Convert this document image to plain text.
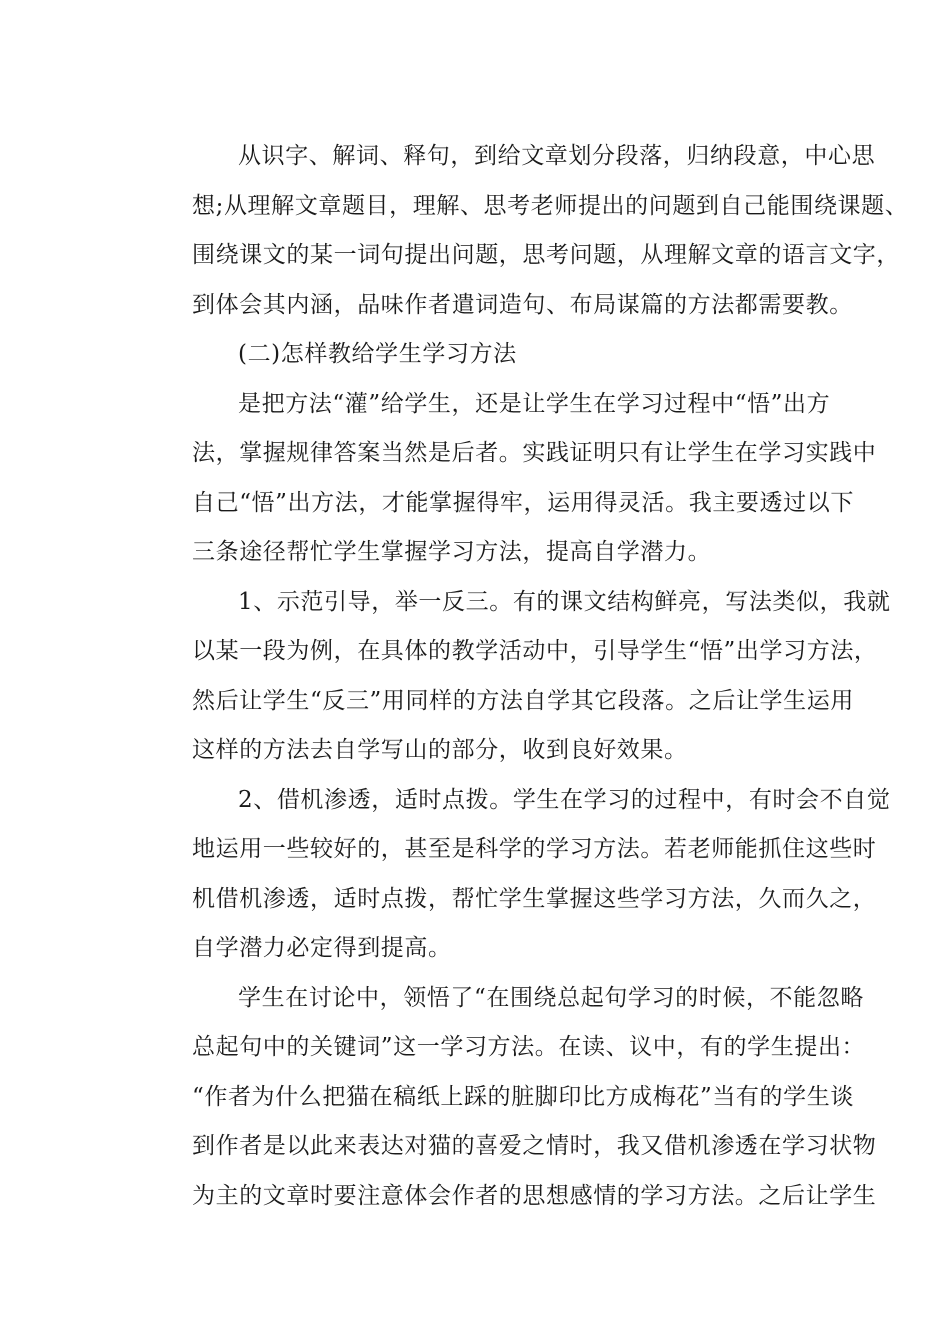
从识字、解词、释句，到给文章划分段落，归纳段意，中心思
想;从理解文章题目，理解、思考老师提出的问题到自己能围绕课题、
围绕课文的某一词句提出问题，思考问题，从理解文章的语言文字，
到体会其内涵，品味作者遣词造句、布局谋篇的方法都需要教。
(二)怎样教给学生学习方法
是把方法“灌”给学生，还是让学生在学习过程中“悟”出方
法，掌握规律答案当然是后者。实践证明只有让学生在学习实践中
自己“悟”出方法，才能掌握得牢，运用得灵活。我主要透过以下
三条途径帮忙学生掌握学习方法，提高自学潜力。
1、示范引导，举一反三。有的课文结构鲜亮，写法类似，我就
以某一段为例，在具体的教学活动中，引导学生“悟”出学习方法，
然后让学生“反三”用同样的方法自学其它段落。之后让学生运用
这样的方法去自学写山的部分，收到良好效果。
2、借机渗透，适时点拨。学生在学习的过程中，有时会不自觉
地运用一些较好的，甚至是科学的学习方法。若老师能抓住这些时
机借机渗透，适时点拨，帮忙学生掌握这些学习方法，久而久之，
自学潜力必定得到提高。
学生在讨论中，领悟了“在围绕总起句学习的时候，不能忽略
总起句中的关键词”这一学习方法。在读、议中，有的学生提出：
“作者为什么把猫在稿纸上踩的脏脚印比方成梅花”当有的学生谈
到作者是以此来表达对猫的喜爱之情时，我又借机渗透在学习状物
为主的文章时要注意体会作者的思想感情的学习方法。之后让学生
